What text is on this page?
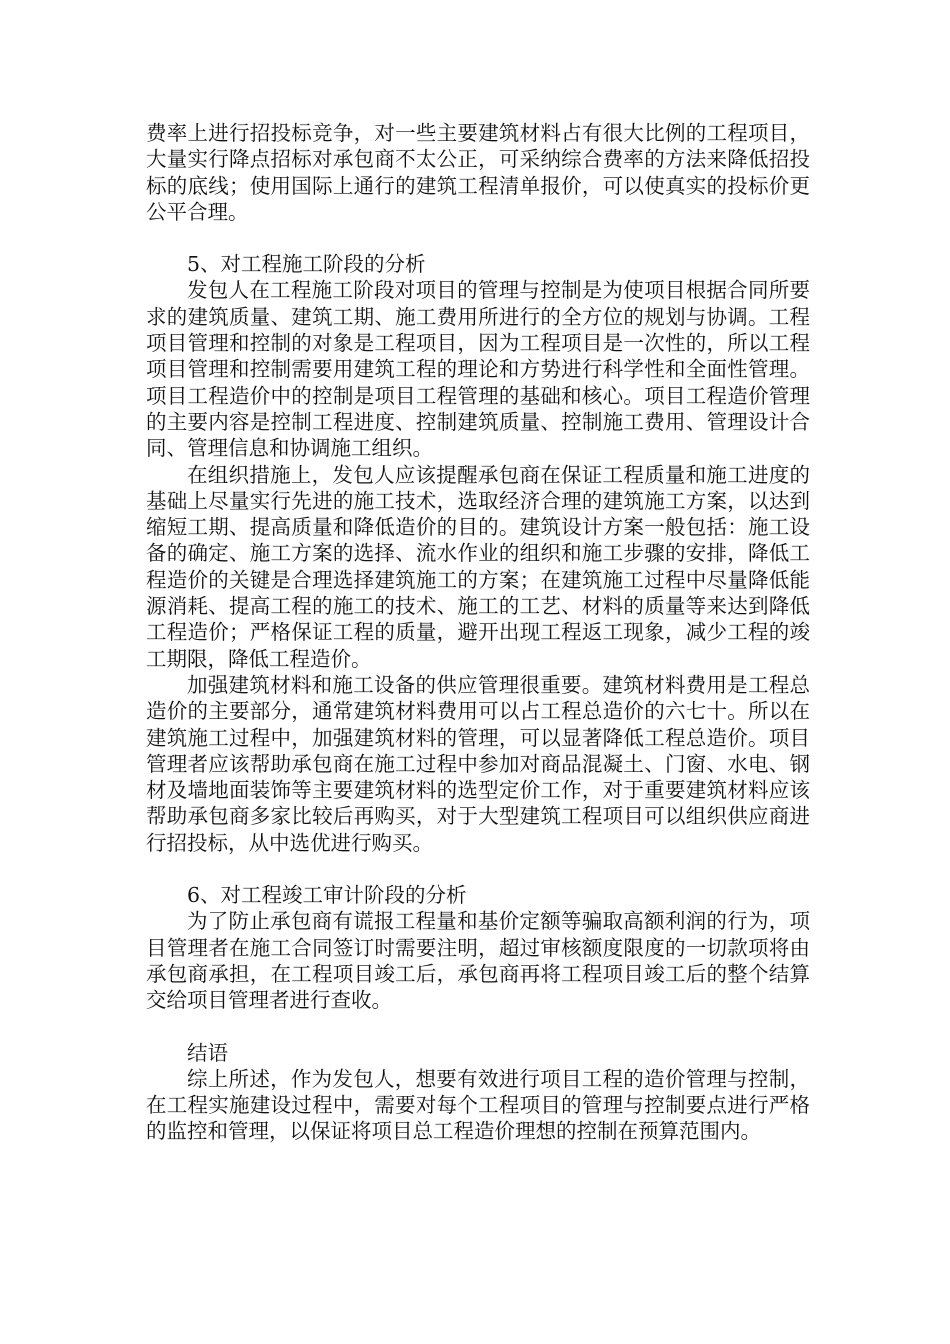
费率上进行招投标竞争，对一些主要建筑材料占有很大比例的工程项目，大量实行降点招标对承包商不太公正，可采纳综合费率的方法来降低招投标的底线；使用国际上通行的建筑工程清单报价，可以使真实的投标价更公平合理。

5、对工程施工阶段的分析

发包人在工程施工阶段对项目的管理与控制是为使项目根据合同所要求的建筑质量、建筑工期、施工费用所进行的全方位的规划与协调。工程项目管理和控制的对象是工程项目，因为工程项目是一次性的，所以工程项目管理和控制需要用建筑工程的理论和方势进行科学性和全面性管理。项目工程造价中的控制是项目工程管理的基础和核心。项目工程造价管理的主要内容是控制工程进度、控制建筑质量、控制施工费用、管理设计合同、管理信息和协调施工组织。

在组织措施上，发包人应该提醒承包商在保证工程质量和施工进度的基础上尽量实行先进的施工技术，选取经济合理的建筑施工方案，以达到缩短工期、提高质量和降低造价的目的。建筑设计方案一般包括：施工设备的确定、施工方案的选择、流水作业的组织和施工步骤的安排，降低工程造价的关键是合理选择建筑施工的方案；在建筑施工过程中尽量降低能源消耗、提高工程的施工的技术、施工的工艺、材料的质量等来达到降低工程造价；严格保证工程的质量，避开出现工程返工现象，减少工程的竣工期限，降低工程造价。

加强建筑材料和施工设备的供应管理很重要。建筑材料费用是工程总造价的主要部分，通常建筑材料费用可以占工程总造价的六七十。所以在建筑施工过程中，加强建筑材料的管理，可以显著降低工程总造价。项目管理者应该帮助承包商在施工过程中参加对商品混凝土、门窗、水电、钢材及墙地面装饰等主要建筑材料的选型定价工作，对于重要建筑材料应该帮助承包商多家比较后再购买，对于大型建筑工程项目可以组织供应商进行招投标，从中选优进行购买。

6、对工程竣工审计阶段的分析

为了防止承包商有谎报工程量和基价定额等骗取高额利润的行为，项目管理者在施工合同签订时需要注明，超过审核额度限度的一切款项将由承包商承担，在工程项目竣工后，承包商再将工程项目竣工后的整个结算交给项目管理者进行查收。

结语

综上所述，作为发包人，想要有效进行项目工程的造价管理与控制，在工程实施建设过程中，需要对每个工程项目的管理与控制要点进行严格的监控和管理，以保证将项目总工程造价理想的控制在预算范围内。
